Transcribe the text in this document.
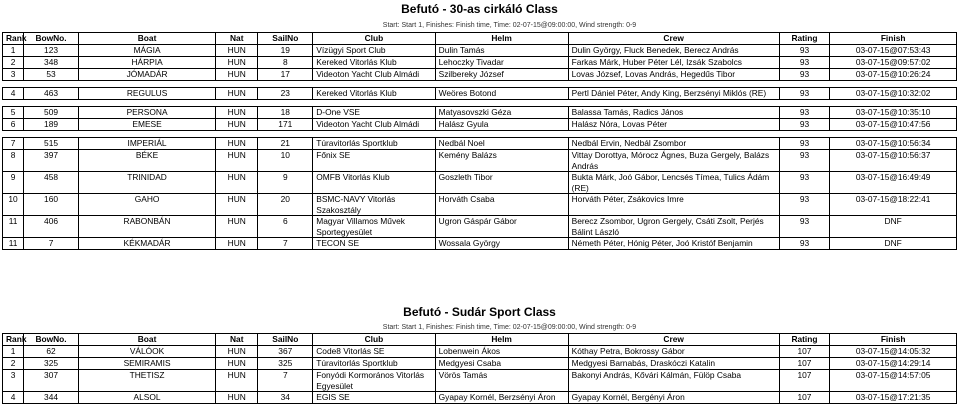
Befutó - 30-as cirkáló Class
Start: Start 1, Finishes: Finish time, Time: 02-07-15@09:00:00, Wind strength: 0-9
Rank	BowNo.	Boat	Nat	SailNo	Club	Helm	Crew	Rating	Finish
1	123	MÁGIA	HUN	19	Vízügyi Sport Club	Dulin Tamás	Dulin György, Fluck Benedek, Berecz András	93	03-07-15@07:53:43
2	348	HÁRPIA	HUN	8	Kereked Vitorlás Klub	Lehoczky Tivadar	Farkas Márk, Huber Péter Lél, Izsák Szabolcs	93	03-07-15@09:57:02
3	53	JÓMADÁR	HUN	17	Videoton Yacht Club Almádi	Szilbereky József	Lovas József, Lovas András, Hegedűs Tibor	93	03-07-15@10:26:24

4	463	REGULUS	HUN	23	Kereked Vitorlás Klub	Weöres Botond	Pertl Dániel Péter, Andy King, Berzsényi Miklós (RE)	93	03-07-15@10:32:02

5	509	PERSONA	HUN	18	D-One VSE	Matyasovszki Géza	Balassa Tamás, Radics János	93	03-07-15@10:35:10
6	189	EMESE	HUN	171	Videoton Yacht Club Almádi	Halász Gyula	Halász Nóra, Lovas Péter	93	03-07-15@10:47:56

7	515	IMPERIÁL	HUN	21	Túravitorlás Sportklub	Nedbál Noel	Nedbál Ervin, Nedbál Zsombor	93	03-07-15@10:56:34
8	397	BÉKE	HUN	10	Főnix SE	Kemény Balázs	Vittay Dorottya, Mórocz Ágnes, Buza Gergely, Balázs András	93	03-07-15@10:56:37
9	458	TRINIDAD	HUN	9	OMFB Vitorlás Klub	Goszleth Tibor	Bukta Márk, Joó Gábor, Lencsés Tímea, Tulics Ádám (RE)	93	03-07-15@16:49:49
10	160	GAHO	HUN	20	BSMC-NAVY Vitorlás Szakosztály	Horváth Csaba	Horváth Péter, Zsákovics Imre	93	03-07-15@18:22:41
11	406	RABONBÁN	HUN	6	Magyar Villamos Művek Sportegyesület	Ugron Gáspár Gábor	Berecz Zsombor, Ugron Gergely, Csáti Zsolt, Perjés Bálint László	93	DNF
11	7	KÉKMADÁR	HUN	7	TECON SE	Wossala György	Németh Péter, Hónig Péter, Joó Kristóf Benjamin	93	DNF
Befutó - Sudár Sport Class
Start: Start 1, Finishes: Finish time, Time: 02-07-15@09:00:00, Wind strength: 0-9
Rank	BowNo.	Boat	Nat	SailNo	Club	Helm	Crew	Rating	Finish
1	62	VÁLÓOK	HUN	367	Code8 Vitorlás SE	Lobenwein Ákos	Kóthay Petra, Bokrossy Gábor	107	03-07-15@14:05:32
2	325	SEMIRAMIS	HUN	325	Túravitorlás Sportklub	Medgyesi Csaba	Medgyesi Barnabás, Draskóczi Katalin	107	03-07-15@14:29:14
3	307	THETISZ	HUN	7	Fonyódi Kormorános Vitorlás Egyesület	Vörös Tamás	Bakonyi András, Kővári Kálmán, Fülöp Csaba	107	03-07-15@14:57:05
4	344	ALSOL	HUN	34	EGIS SE	Gyapay Kornél, Berzsényi Áron	Gyapay Kornél, Bergényi Áron	107	03-07-15@17:21:35
